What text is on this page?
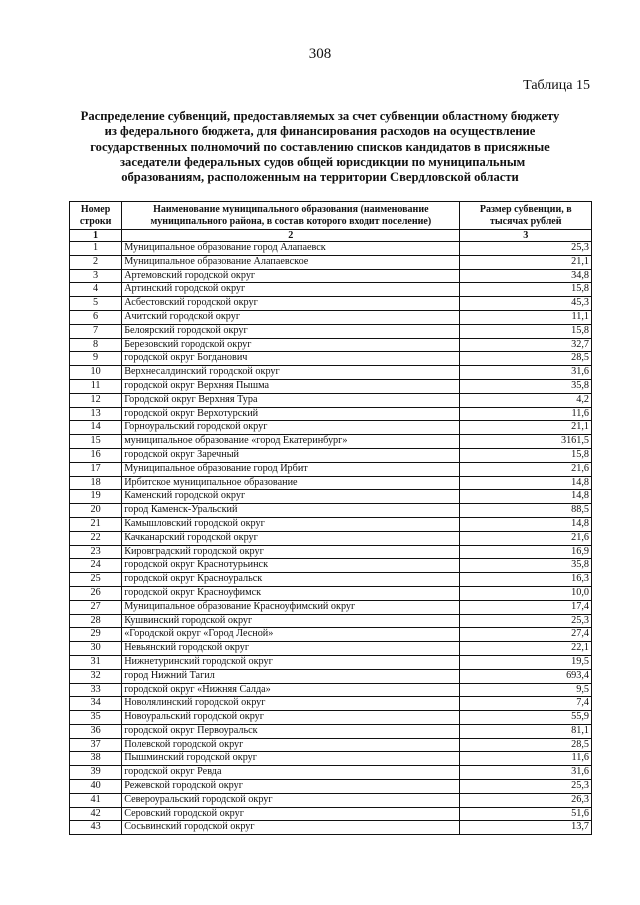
308
Таблица 15
Распределение субвенций, предоставляемых за счет субвенции областному бюджету
из федерального бюджета, для финансирования расходов на осуществление
государственных полномочий по составлению списков кандидатов в присяжные
заседатели федеральных судов общей юрисдикции по муниципальным
образованиям, расположенным на территории Свердловской области
Номер строки	Наименование муниципального образования (наименование муниципального района, в состав которого входит поселение)	Размер субвенции, в тысячах рублей
1	2	3
1	Муниципальное образование город Алапаевск	25,3
2	Муниципальное образование Алапаевское	21,1
3	Артемовский городской округ	34,8
4	Артинский городской округ	15,8
5	Асбестовский городской округ	45,3
6	Ачитский городской округ	11,1
7	Белоярский городской округ	15,8
8	Березовский городской округ	32,7
9	городской округ Богданович	28,5
10	Верхнесалдинский городской округ	31,6
11	городской округ Верхняя Пышма	35,8
12	Городской округ Верхняя Тура	4,2
13	городской округ Верхотурский	11,6
14	Горноуральский городской округ	21,1
15	муниципальное образование «город Екатеринбург»	3161,5
16	городской округ Заречный	15,8
17	Муниципальное образование город Ирбит	21,6
18	Ирбитское муниципальное образование	14,8
19	Каменский городской округ	14,8
20	город Каменск-Уральский	88,5
21	Камышловский городской округ	14,8
22	Качканарский городской округ	21,6
23	Кировградский городской округ	16,9
24	городской округ Краснотурьинск	35,8
25	городской округ Красноуральск	16,3
26	городской округ Красноуфимск	10,0
27	Муниципальное образование Красноуфимский округ	17,4
28	Кушвинский городской округ	25,3
29	«Городской округ «Город Лесной»	27,4
30	Невьянский городской округ	22,1
31	Нижнетуринский городской округ	19,5
32	город Нижний Тагил	693,4
33	городской округ «Нижняя Салда»	9,5
34	Новолялинский городской округ	7,4
35	Новоуральский городской округ	55,9
36	городской округ Первоуральск	81,1
37	Полевской городской округ	28,5
38	Пышминский городской округ	11,6
39	городской округ Ревда	31,6
40	Режевской городской округ	25,3
41	Североуральский городской округ	26,3
42	Серовский городской округ	51,6
43	Сосьвинский городской округ	13,7
